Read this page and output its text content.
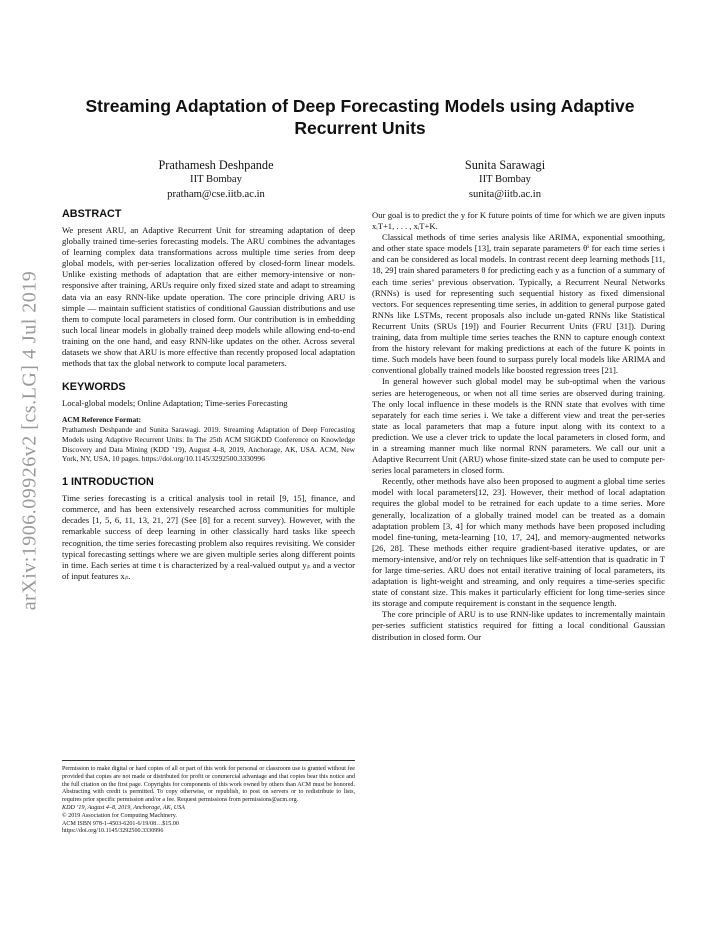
arXiv:1906.09926v2 [cs.LG] 4 Jul 2019
Streaming Adaptation of Deep Forecasting Models using Adaptive Recurrent Units
Prathamesh Deshpande
IIT Bombay
pratham@cse.iitb.ac.in
Sunita Sarawagi
IIT Bombay
sunita@iitb.ac.in
ABSTRACT

We present ARU, an Adaptive Recurrent Unit for streaming adaptation of deep globally trained time-series forecasting models. The ARU combines the advantages of learning complex data transformations across multiple time series from deep global models, with per-series localization offered by closed-form linear models. Unlike existing methods of adaptation that are either memory-intensive or non-responsive after training, ARUs require only fixed sized state and adapt to streaming data via an easy RNN-like update operation. The core principle driving ARU is simple — maintain sufficient statistics of conditional Gaussian distributions and use them to compute local parameters in closed form. Our contribution is in embedding such local linear models in globally trained deep models while allowing end-to-end training on the one hand, and easy RNN-like updates on the other. Across several datasets we show that ARU is more effective than recently proposed local adaptation methods that tax the global network to compute local parameters.

KEYWORDS

Local-global models; Online Adaptation; Time-series Forecasting

ACM Reference Format:
Prathamesh Deshpande and Sunita Sarawagi. 2019. Streaming Adaptation of Deep Forecasting Models using Adaptive Recurrent Units. In The 25th ACM SIGKDD Conference on Knowledge Discovery and Data Mining (KDD ’19), August 4–8, 2019, Anchorage, AK, USA. ACM, New York, NY, USA, 10 pages. https://doi.org/10.1145/3292500.3330996
1 INTRODUCTION

Time series forecasting is a critical analysis tool in retail [9, 15], finance, and commerce, and has been extensively researched across communities for multiple decades [1, 5, 6, 11, 13, 21, 27] (See [8] for a recent survey). However, with the remarkable success of deep learning in other classically hard tasks like speech recognition, the time series forecasting problem also requires revisiting. We consider typical forecasting settings where we are given multiple series along different points in time. Each series at time t is characterized by a real-valued output yᵢₜ and a vector of input features xᵢₜ.

Permission to make digital or hard copies of all or part of this work for personal or classroom use is granted without fee provided that copies are not made or distributed for profit or commercial advantage and that copies bear this notice and the full citation on the first page. Copyrights for components of this work owned by others than ACM must be honored. Abstracting with credit is permitted. To copy otherwise, or republish, to post on servers or to redistribute to lists, requires prior specific permission and/or a fee. Request permissions from permissions@acm.org.
KDD ’19, August 4–8, 2019, Anchorage, AK, USA
© 2019 Association for Computing Machinery.
ACM ISBN 978-1-4503-6201-6/19/08…$15.00
https://doi.org/10.1145/3292500.3330996

Our goal is to predict the y for K future points of time for which we are given inputs xᵢT+1, . . . , xᵢT+K.

Classical methods of time series analysis like ARIMA, exponential smoothing, and other state space models [13], train separate parameters θⁱ for each time series i and can be considered as local models. In contrast recent deep learning methods [11, 18, 29] train shared parameters θ for predicting each y as a function of a summary of each time series’ previous observation. Typically, a Recurrent Neural Networks (RNNs) is used for representing such sequential history as fixed dimensional vectors. For sequences representing time series, in addition to general purpose gated RNNs like LSTMs, recent proposals also include un-gated RNNs like Statistical Recurrent Units (SRUs [19]) and Fourier Recurrent Units (FRU [31]). During training, data from multiple time series teaches the RNN to capture enough context from the history relevant for making predictions at each of the future K points in time. Such models have been found to surpass purely local models like ARIMA and conventional globally trained models like boosted regression trees [21].

In general however such global model may be sub-optimal when the various series are heterogeneous, or when not all time series are observed during training. The only local influence in these models is the RNN state that evolves with time separately for each time series i. We take a different view and treat the per-series state as local parameters that map a future input along with its context to a prediction. We use a clever trick to update the local parameters in closed form, and in a streaming manner much like normal RNN parameters. We call our unit a Adaptive Recurrent Unit (ARU) whose finite-sized state can be used to compute per-series local parameters in closed form.

Recently, other methods have also been proposed to augment a global time series model with local parameters[12, 23]. However, their method of local adaptation requires the global model to be retrained for each update to a time series. More generally, localization of a globally trained model can be treated as a domain adaptation problem [3, 4] for which many methods have been proposed including model fine-tuning, meta-learning [10, 17, 24], and memory-augmented networks [26, 28]. These methods either require gradient-based iterative updates, or are memory-intensive, and/or rely on techniques like self-attention that is quadratic in T for large time-series. ARU does not entail iterative training of local parameters, its adaptation is light-weight and streaming, and only requires a time-series specific state of constant size. This makes it particularly efficient for long time-series since its storage and compute requirement is constant in the sequence length.

The core principle of ARU is to use RNN-like updates to incrementally maintain per-series sufficient statistics required for fitting a local conditional Gaussian distribution in closed form. Our
